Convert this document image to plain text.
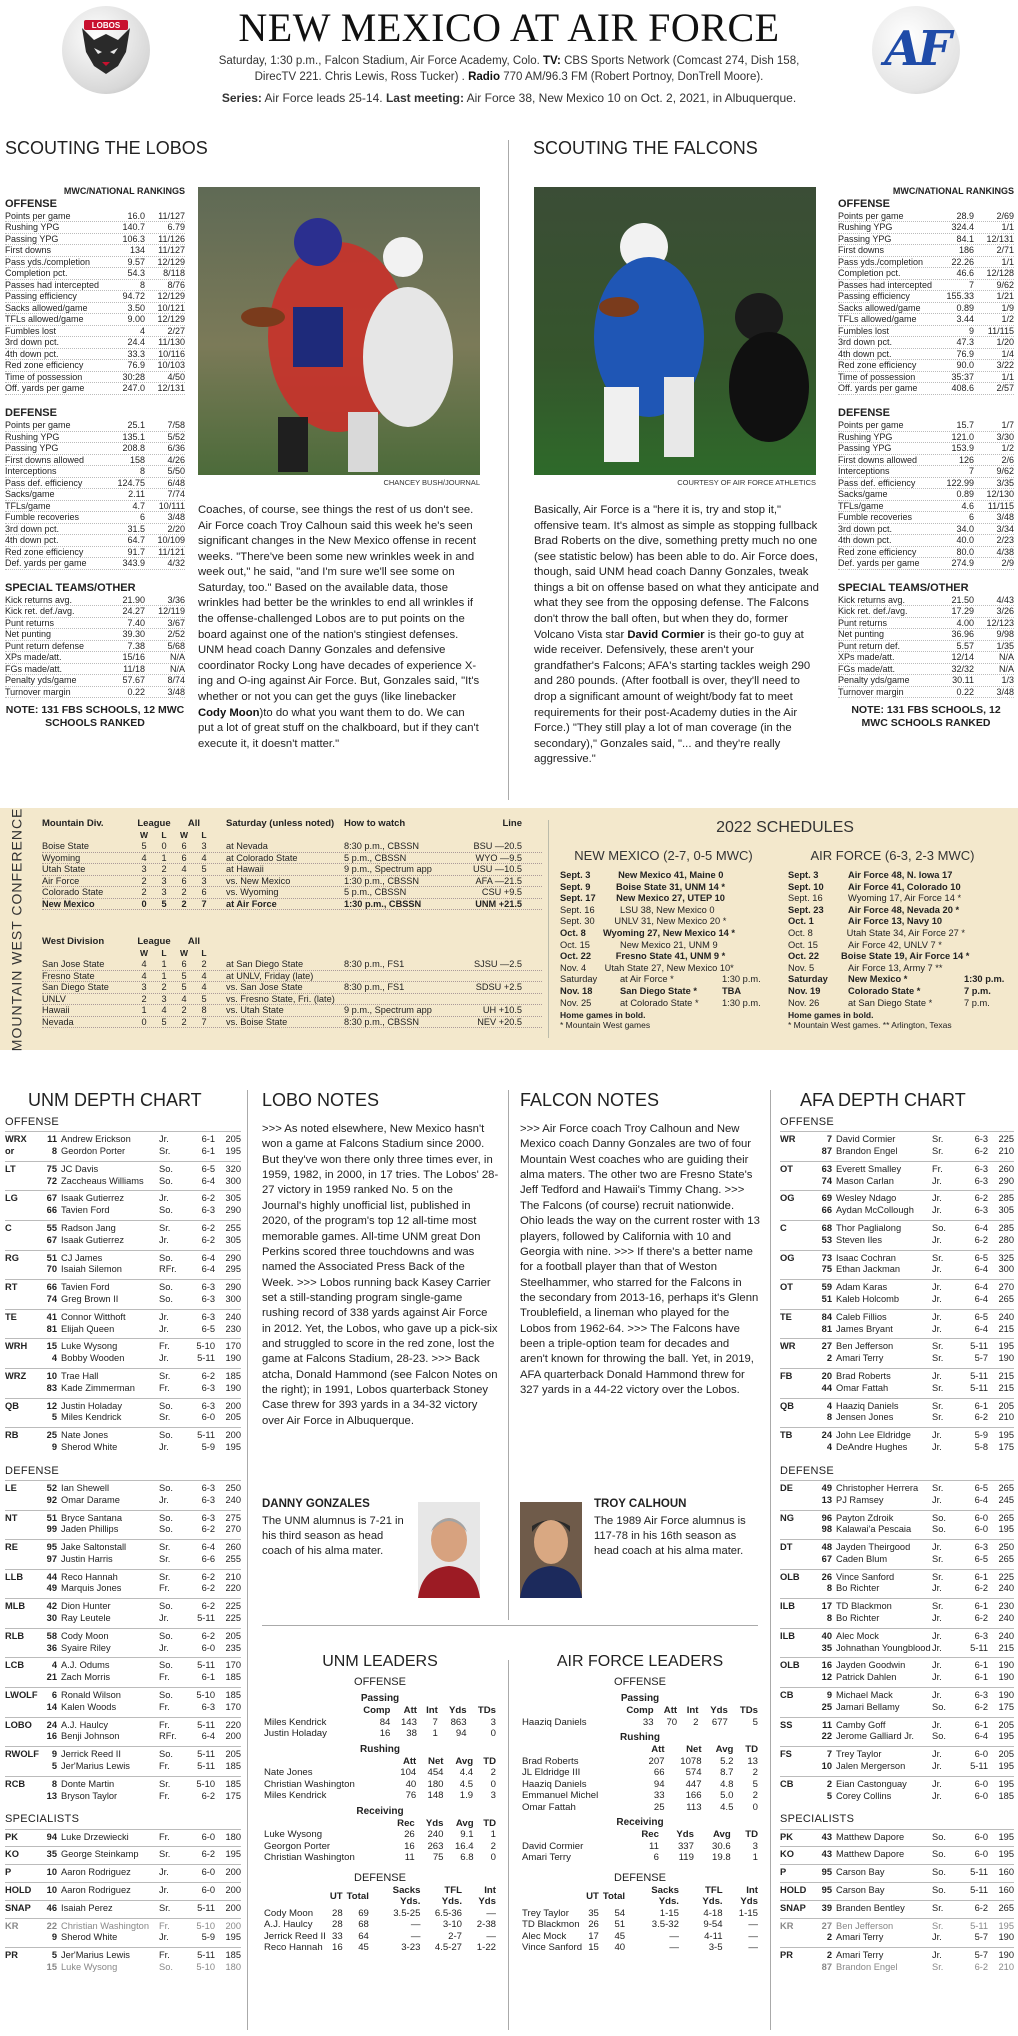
LOBOS	NEW MEXICO AT AIR FORCE
Saturday, 1:30 p.m., Falcon Stadium, Air Force Academy, Colo. TV: CBS Sports Network (Comcast 274, Dish 158, DirecTV 221. Chris Lewis, Ross Tucker) . Radio 770 AM/96.3 FM (Robert Portnoy, DonTrell Moore).
Series: Air Force leads 25-14. Last meeting: Air Force 38, New Mexico 10 on Oct. 2, 2021, in Albuquerque.
AF
SCOUTING THE LOBOS	SCOUTING THE FALCONS
MWC/NATIONAL RANKINGS
OFFENSE
Points per game	16.0	11/127
Rushing YPG	140.7	6.79
Passing YPG	106.3	11/126
First downs	134	11/127
Pass yds./completion	9.57	12/129
Completion pct.	54.3	8/118
Passes had intercepted	8	8/76
Passing efficiency	94.72	12/129
Sacks allowed/game	3.50	10/121
TFLs allowed/game	9.00	12/129
Fumbles lost	4	2/27
3rd down pct.	24.4	11/130
4th down pct.	33.3	10/116
Red zone efficiency	76.9	10/103
Time of possession	30:28	4/50
Off. yards per game	247.0	12/131
DEFENSE
Points per game	25.1	7/58
Rushing YPG	135.1	5/52
Passing YPG	208.8	6/36
First downs allowed	158	4/26
Interceptions	8	5/50
Pass def. efficiency	124.75	6/48
Sacks/game	2.11	7/74
TFLs/game	4.7	10/111
Fumble recoveries	6	3/48
3rd down pct.	31.5	2/20
4th down pct.	64.7	10/109
Red zone efficiency	91.7	11/121
Def. yards per game	343.9	4/32
SPECIAL TEAMS/OTHER
Kick returns avg.	21.90	3/36
Kick ret. def./avg.	24.27	12/119
Punt returns	7.40	3/67
Net punting	39.30	2/52
Punt return defense	7.38	5/68
XPs made/att.	15/16	N/A
FGs made/att.	11/18	N/A
Penalty yds/game	57.67	8/74
Turnover margin	0.22	3/48
NOTE: 131 FBS SCHOOLS, 12 MWC SCHOOLS RANKED
MWC/NATIONAL RANKINGS
OFFENSE
Points per game	28.9	2/69
Rushing YPG	324.4	1/1
Passing YPG	84.1	12/131
First downs	186	2/71
Pass yds./completion	22.26	1/1
Completion pct.	46.6	12/128
Passes had intercepted	7	9/62
Passing efficiency	155.33	1/21
Sacks allowed/game	0.89	1/9
TFLs allowed/game	3.44	1/2
Fumbles lost	9	11/115
3rd down pct.	47.3	1/20
4th down pct.	76.9	1/4
Red zone efficiency	90.0	3/22
Time of possession	35:37	1/1
Off. yards per game	408.6	2/57
DEFENSE
Points per game	15.7	1/7
Rushing YPG	121.0	3/30
Passing YPG	153.9	1/2
First downs allowed	126	2/6
Interceptions	7	9/62
Pass def. efficiency	122.99	3/35
Sacks/game	0.89	12/130
TFLs/game	4.6	11/115
Fumble recoveries	6	3/48
3rd down pct.	34.0	3/34
4th down pct.	40.0	2/23
Red zone efficiency	80.0	4/38
Def. yards per game	274.9	2/9
SPECIAL TEAMS/OTHER
Kick returns avg.	21.50	4/43
Kick ret. def./avg.	17.29	3/26
Punt returns	4.00	12/123
Net punting	36.96	9/98
Punt return def.	5.57	1/35
XPs made/att.	12/14	N/A
FGs made/att.	32/32	N/A
Penalty yds/game	30.11	1/3
Turnover margin	0.22	3/48
NOTE: 131 FBS SCHOOLS, 12 MWC SCHOOLS RANKED
CHANCEY BUSH/JOURNAL	COURTESY OF AIR FORCE ATHLETICS
Coaches, of course, see things the rest of us don't see. Air Force coach Troy Calhoun said this week he's seen significant changes in the New Mexico offense in recent weeks. "There've been some new wrinkles week in and week out," he said, "and I'm sure we'll see some on Saturday, too." Based on the available data, those wrinkles had better be the wrinkles to end all wrinkles if the offense-challenged Lobos are to put points on the board against one of the nation's stingiest defenses. UNM head coach Danny Gonzales and defensive coordinator Rocky Long have decades of experience X-ing and O-ing against Air Force. But, Gonzales said, "It's whether or not you can get the guys (like linebacker Cody Moon)to do what you want them to do. We can put a lot of great stuff on the chalkboard, but if they can't execute it, it doesn't matter."
Basically, Air Force is a "here it is, try and stop it," offensive team. It's almost as simple as stopping fullback Brad Roberts on the dive, something pretty much no one (see statistic below) has been able to do. Air Force does, though, said UNM head coach Danny Gonzales, tweak things a bit on offense based on what they anticipate and what they see from the opposing defense. The Falcons don't throw the ball often, but when they do, former Volcano Vista star David Cormier is their go-to guy at wide receiver. Defensively, these aren't your grandfather's Falcons; AFA's starting tackles weigh 290 and 280 pounds. (After football is over, they'll need to drop a significant amount of weight/body fat to meet requirements for their post-Academy duties in the Air Force.) "They still play a lot of man coverage (in the secondary)," Gonzales said, "... and they're really aggressive."
MOUNTAIN WEST CONFERENCE Mountain Div.	League	All	Saturday (unless noted)	How to watch	Line
W	L	W	L
Boise State	5	0	6	3	at Nevada	8:30 p.m., CBSSN	BSU —20.5
Wyoming	4	1	6	4	at Colorado State	5 p.m., CBSSN	WYO —9.5
Utah State	3	2	4	5	at Hawaii	9 p.m., Spectrum app	USU —10.5
Air Force	2	3	6	3	vs. New Mexico	1:30 p.m., CBSSN	AFA —21.5
Colorado State	2	3	2	6	vs. Wyoming	5 p.m., CBSSN	CSU +9.5
New Mexico	0	5	2	7	at Air Force	1:30 p.m., CBSSN	UNM +21.5
West Division	League	All
W	L	W	L
San Jose State	4	1	6	2	at San Diego State	8:30 p.m., FS1	SJSU —2.5
Fresno State	4	1	5	4	at UNLV, Friday (late)
San Diego State	3	2	5	4	vs. San Jose State	8:30 p.m., FS1	SDSU +2.5
UNLV	2	3	4	5	vs. Fresno State, Fri. (late)
Hawaii	1	4	2	8	vs. Utah State	9 p.m., Spectrum app	UH +10.5
Nevada	0	5	2	7	vs. Boise State	8:30 p.m., CBSSN	NEV +20.5
2022 SCHEDULES
NEW MEXICO (2-7, 0-5 MWC)	AIR FORCE (6-3, 2-3 MWC)
Sept. 3	New Mexico 41, Maine 0
Sept. 9	Boise State 31, UNM 14 *
Sept. 17	New Mexico 27, UTEP 10
Sept. 16	LSU 38, New Mexico 0
Sept. 30	UNLV 31, New Mexico 20 *
Oct. 8	Wyoming 27, New Mexico 14 *
Oct. 15	New Mexico 21, UNM 9
Oct. 22	Fresno State 41, UNM 9 *
Nov. 4	Utah State 27, New Mexico 10*
Saturday	at Air Force *	1:30 p.m.
Nov. 18	San Diego State *	TBA
Nov. 25	at Colorado State *	1:30 p.m.
Home games in bold.
* Mountain West games
Sept. 3	Air Force 48, N. Iowa 17
Sept. 10	Air Force 41, Colorado 10
Sept. 16	Wyoming 17, Air Force 14 *
Sept. 23	Air Force 48, Nevada 20 *
Oct. 1	Air Force 13, Navy 10
Oct. 8	Utah State 34, Air Force 27 *
Oct. 15	Air Force 42, UNLV 7 *
Oct. 22	Boise State 19, Air Force 14 *
Nov. 5	Air Force 13, Army 7 **
Saturday	New Mexico *	1:30 p.m.
Nov. 19	Colorado State *	7 p.m.
Nov. 26	at San Diego State *	7 p.m.
Home games in bold.
* Mountain West games. ** Arlington, Texas
UNM DEPTH CHART	LOBO NOTES	FALCON NOTES	AFA DEPTH CHART
OFFENSE
WRX	11 Andrew Erickson	Jr.	6-1	205
or	8 Geordon Porter	Sr.	6-1	195
LT	75 JC Davis	So.	6-5	320
72 Zaccheaus Williams	So.	6-4	300
LG	67 Isaak Gutierrez	Jr.	6-2	305
66 Tavien Ford	So.	6-3	290
C	55 Radson Jang	Sr.	6-2	255
67 Isaak Gutierrez	Jr.	6-2	305
RG	51 CJ James	So.	6-4	290
70 Isaiah Silemon	RFr.	6-4	295
RT	66 Tavien Ford	So.	6-3	290
74 Greg Brown II	So.	6-3	300
TE	41 Connor Witthoft	Jr.	6-3	240
81 Elijah Queen	Jr.	6-5	230
WRH	15 Luke Wysong	Fr.	5-10	170
4 Bobby Wooden	Jr.	5-11	190
WRZ	10 Trae Hall	Sr.	6-2	185
83 Kade Zimmerman	Fr.	6-3	190
QB	12 Justin Holaday	So.	6-3	200
5 Miles Kendrick	Sr.	6-0	205
RB	25 Nate Jones	So.	5-11	200
9 Sherod White	Jr.	5-9	195
DEFENSE
LE	52 Ian Shewell	So.	6-3	250
92 Omar Darame	Jr.	6-3	240
NT	51 Bryce Santana	So.	6-3	275
99 Jaden Phillips	So.	6-2	270
RE	95 Jake Saltonstall	Sr.	6-4	260
97 Justin Harris	Sr.	6-6	255
LLB	44 Reco Hannah	Sr.	6-2	210
49 Marquis Jones	Fr.	6-2	220
MLB	42 Dion Hunter	So.	6-2	225
30 Ray Leutele	Jr.	5-11	225
RLB	58 Cody Moon	So.	6-2	205
36 Syaire Riley	Jr.	6-0	235
LCB	4 A.J. Odums	So.	5-11	170
21 Zach Morris	Fr.	6-1	185
LWOLF	6 Ronald Wilson	So.	5-10	185
14 Kalen Woods	Fr.	6-3	170
LOBO	24 A.J. Haulcy	Fr.	5-11	220
16 Benji Johnson	RFr.	6-4	200
RWOLF	9 Jerrick Reed II	So.	5-11	205
5 Jer'Marius Lewis	Fr.	5-11	185
RCB	8 Donte Martin	Sr.	5-10	185
13 Bryson Taylor	Fr.	6-2	175
SPECIALISTS
PK	94 Luke Drzewiecki	Fr.	6-0	180
KO	35 George Steinkamp	Sr.	6-2	195
P	10 Aaron Rodriguez	Jr.	6-0	200
HOLD	10 Aaron Rodriguez	Jr.	6-0	200
SNAP	46 Isaiah Perez	Sr.	5-11	200
KR	22 Christian Washington	Fr.	5-10	200
9 Sherod White	Jr.	5-9	195
PR	5 Jer'Marius Lewis	Fr.	5-11	185
15 Luke Wysong	So.	5-10	180
OFFENSE
WR	7 David Cormier	Sr.	6-3	225
87 Brandon Engel	Sr.	6-2	210
OT	63 Everett Smalley	Fr.	6-3	260
74 Mason Carlan	Jr.	6-3	290
OG	69 Wesley Ndago	Jr.	6-2	285
66 Aydan McCollough	Jr.	6-3	305
C	68 Thor Paglialong	So.	6-4	285
53 Steven Iles	Jr.	6-2	280
OG	73 Isaac Cochran	Sr.	6-5	325
75 Ethan Jackman	Jr.	6-4	300
OT	59 Adam Karas	Jr.	6-4	270
51 Kaleb Holcomb	Jr.	6-4	265
TE	84 Caleb Fillios	Jr.	6-5	240
81 James Bryant	Jr.	6-4	215
WR	27 Ben Jefferson	Sr.	5-11	195
2 Amari Terry	Sr.	5-7	190
FB	20 Brad Roberts	Jr.	5-11	215
44 Omar Fattah	Sr.	5-11	215
QB	4 Haaziq Daniels	Sr.	6-1	205
8 Jensen Jones	Sr.	6-2	210
TB	24 John Lee Eldridge	Jr.	5-9	195
4 DeAndre Hughes	Jr.	5-8	175
DEFENSE
DE	49 Christopher Herrera	Sr.	6-5	265
13 PJ Ramsey	Jr.	6-4	245
NG	96 Payton Zdroik	So.	6-0	265
98 Kalawai'a Pescaia	So.	6-0	195
DT	48 Jayden Theirgood	Jr.	6-3	250
67 Caden Blum	Sr.	6-5	265
OLB	26 Vince Sanford	Sr.	6-1	225
8 Bo Richter	Jr.	6-2	240
ILB	17 TD Blackmon	Sr.	6-1	230
8 Bo Richter	Jr.	6-2	240
ILB	40 Alec Mock	Jr.	6-3	240
35 Johnathan Youngblood Jr.	5-11	215
OLB	16 Jayden Goodwin	Jr.	6-1	190
12 Patrick Dahlen	Jr.	6-1	190
CB	9 Michael Mack	Jr.	6-3	190
25 Jamari Bellamy	So.	6-2	175
SS	11 Camby Goff	Jr.	6-1	205
22 Jerome Galliard Jr.	So.	6-4	195
FS	7 Trey Taylor	Jr.	6-0	205
10 Jalen Mergerson	Jr.	5-11	195
CB	2 Eian Castonguay	Jr.	6-0	195
5 Corey Collins	Jr.	6-0	185
SPECIALISTS
PK	43 Matthew Dapore	So.	6-0	195
KO	43 Matthew Dapore	So.	6-0	195
P	95 Carson Bay	So.	5-11	160
HOLD	95 Carson Bay	So.	5-11	160
SNAP	39 Branden Bentley	Sr.	6-2	265
KR	27 Ben Jefferson	Sr.	5-11	195
2 Amari Terry	Jr.	5-7	190
PR	2 Amari Terry	Jr.	5-7	190
87 Brandon Engel	Sr.	6-2	210
>>> As noted elsewhere, New Mexico hasn't won a game at Falcons Stadium since 2000. But they've won there only three times ever, in 1959, 1982, in 2000, in 17 tries. The Lobos' 28-27 victory in 1959 ranked No. 5 on the Journal's highly unofficial list, published in 2020, of the program's top 12 all-time most memorable games. All-time UNM great Don Perkins scored three touchdowns and was named the Associated Press Back of the Week. >>> Lobos running back Kasey Carrier set a still-standing program single-game rushing record of 338 yards against Air Force in 2012. Yet, the Lobos, who gave up a pick-six and struggled to score in the red zone, lost the game at Falcons Stadium, 28-23. >>> Back atcha, Donald Hammond (see Falcon Notes on the right); in 1991, Lobos quarterback Stoney Case threw for 393 yards in a 34-32 victory over Air Force in Albuquerque.
>>> Air Force coach Troy Calhoun and New Mexico coach Danny Gonzales are two of four Mountain West coaches who are guiding their alma maters. The other two are Fresno State's Jeff Tedford and Hawaii's Timmy Chang. >>> The Falcons (of course) recruit nationwide. Ohio leads the way on the current roster with 13 players, followed by California with 10 and Georgia with nine. >>> If there's a better name for a football player than that of Weston Steelhammer, who starred for the Falcons in the secondary from 2013-16, perhaps it's Glenn Troublefield, a lineman who played for the Lobos from 1962-64. >>> The Falcons have been a triple-option team for decades and aren't known for throwing the ball. Yet, in 2019, AFA quarterback Donald Hammond threw for 327 yards in a 44-22 victory over the Lobos.
DANNY GONZALES
The UNM alumnus is 7-21 in his third season as head coach of his alma mater.
TROY CALHOUN
The 1989 Air Force alumnus is 117-78 in his 16th season as head coach at his alma mater.
UNM LEADERS	AIR FORCE LEADERS
OFFENSE
Passing
	Comp	Att	Int	Yds	TDs
Miles Kendrick	84	143	7	863	3
Justin Holaday	16	38	1	94	0
Rushing
	Att	Net	Avg	TD
Nate Jones	104	454	4.4	2
Christian Washington	40	180	4.5	0
Miles Kendrick	76	148	1.9	3
Receiving
	Rec	Yds	Avg	TD
Luke Wysong	26	240	9.1	1
Georgon Porter	16	263	16.4	2
Christian Washington	11	75	6.8	0
DEFENSE
	UT	Total	Sacks Yds.	TFL Yds.	Int Yds
Cody Moon	28	69	3.5-25	6.5-36	—
A.J. Haulcy	28	68	—	3-10	2-38
Jerrick Reed II	33	64	—	2-7	—
Reco Hannah	16	45	3-23	4.5-27	1-22
OFFENSE
Passing
	Comp	Att	Int	Yds	TDs
Haaziq Daniels	33	70	2	677	5
Rushing
	Att	Net	Avg	TD
Brad Roberts	207	1078	5.2	13
JL Eldridge III	66	574	8.7	2
Haaziq Daniels	94	447	4.8	5
Emmanuel Michel	33	166	5.0	2
Omar Fattah	25	113	4.5	0
Receiving
	Rec	Yds	Avg	TD
David Cormier	11	337	30.6	3
Amari Terry	6	119	19.8	1
DEFENSE
	UT	Total	Sacks Yds.	TFL Yds.	Int Yds
Trey Taylor	35	54	1-15	4-18	1-15
TD Blackmon	26	51	3.5-32	9-54	—
Alec Mock	17	45	—	4-11	—
Vince Sanford	15	40	—	3-5	—
